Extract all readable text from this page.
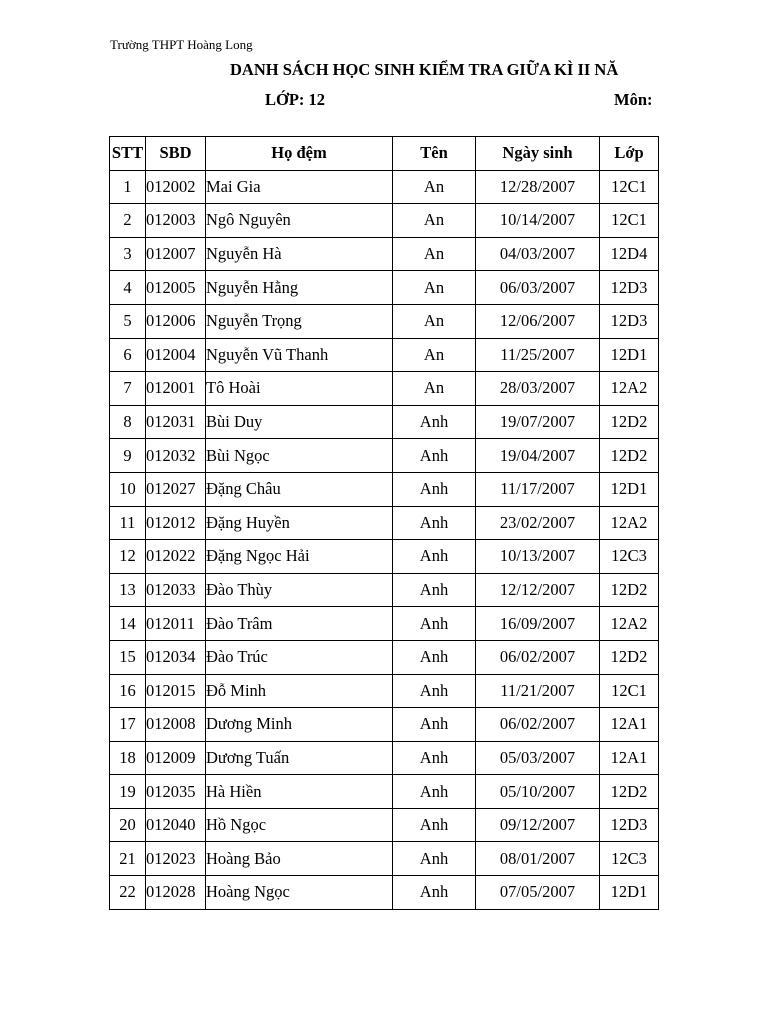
Trường THPT Hoàng Long
DANH SÁCH HỌC SINH KIỂM TRA GIỮA KÌ II NĂ
LỚP: 12	Môn:
STT	SBD	Họ đệm	Tên	Ngày sinh	Lớp
1	012002	Mai Gia	An	12/28/2007	12C1
2	012003	Ngô Nguyên	An	10/14/2007	12C1
3	012007	Nguyễn Hà	An	04/03/2007	12D4
4	012005	Nguyễn Hằng	An	06/03/2007	12D3
5	012006	Nguyễn Trọng	An	12/06/2007	12D3
6	012004	Nguyễn Vũ Thanh	An	11/25/2007	12D1
7	012001	Tô Hoài	An	28/03/2007	12A2
8	012031	Bùi Duy	Anh	19/07/2007	12D2
9	012032	Bùi Ngọc	Anh	19/04/2007	12D2
10	012027	Đặng Châu	Anh	11/17/2007	12D1
11	012012	Đặng Huyền	Anh	23/02/2007	12A2
12	012022	Đặng Ngọc Hải	Anh	10/13/2007	12C3
13	012033	Đào Thùy	Anh	12/12/2007	12D2
14	012011	Đào Trâm	Anh	16/09/2007	12A2
15	012034	Đào Trúc	Anh	06/02/2007	12D2
16	012015	Đỗ Minh	Anh	11/21/2007	12C1
17	012008	Dương Minh	Anh	06/02/2007	12A1
18	012009	Dương Tuấn	Anh	05/03/2007	12A1
19	012035	Hà Hiền	Anh	05/10/2007	12D2
20	012040	Hồ Ngọc	Anh	09/12/2007	12D3
21	012023	Hoàng Bảo	Anh	08/01/2007	12C3
22	012028	Hoàng Ngọc	Anh	07/05/2007	12D1
